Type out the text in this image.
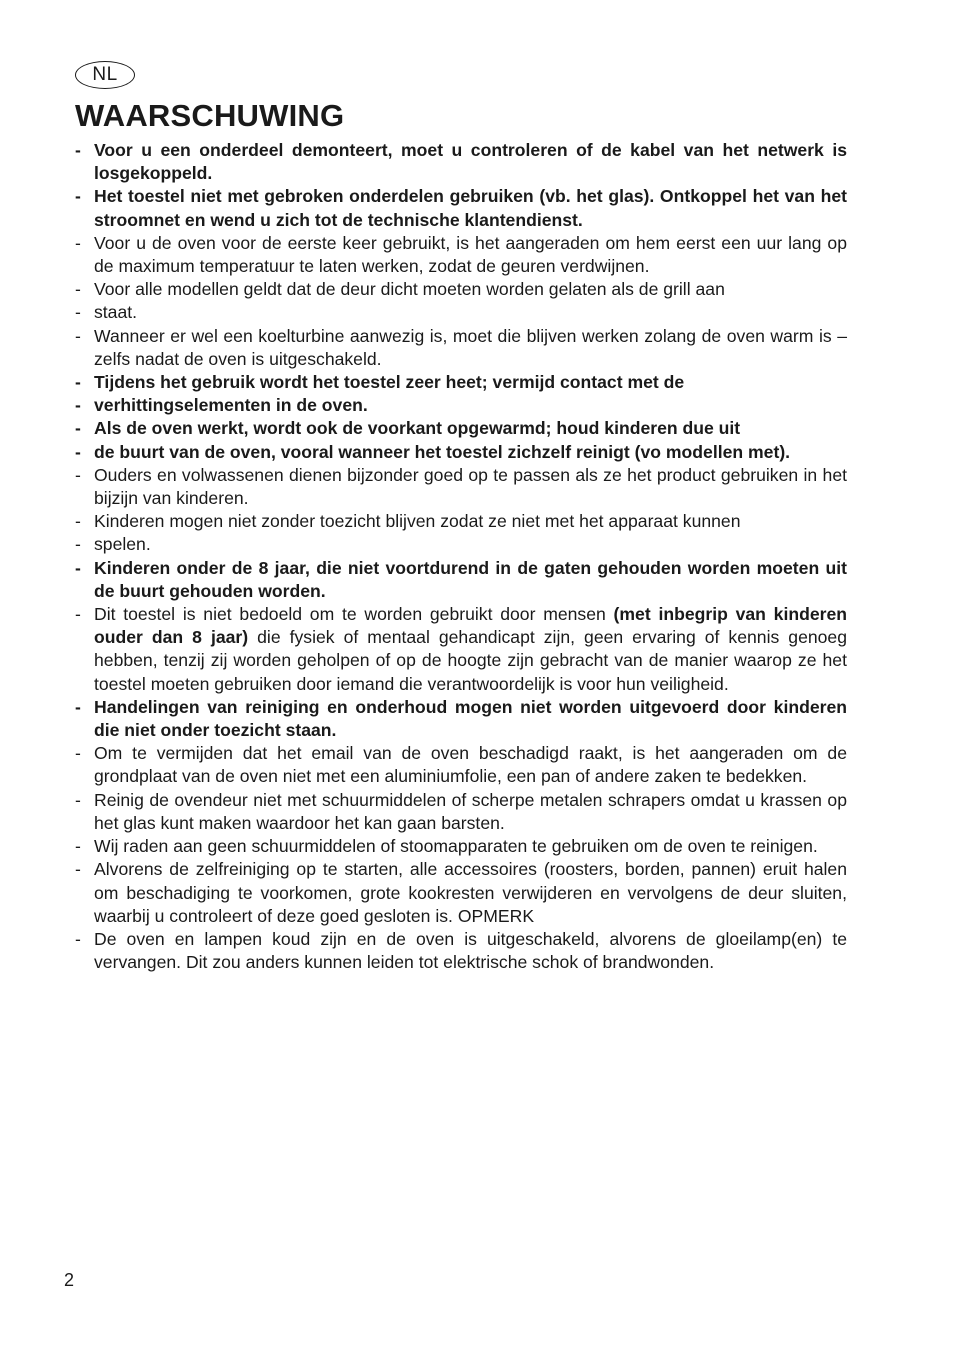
NL
WAARSCHUWING
- Voor u een onderdeel demonteert, moet u controleren of de kabel van het netwerk is losgekoppeld.
- Het toestel niet met gebroken onderdelen gebruiken (vb. het glas). Ontkoppel het van het stroomnet en wend u zich tot de technische klantendienst.
- Voor u de oven voor de eerste keer gebruikt, is het aangeraden om hem eerst een uur lang op de maximum temperatuur te laten werken, zodat de geuren verdwijnen.
- Voor alle modellen geldt dat de deur dicht moeten worden gelaten als de grill aan
- staat.
- Wanneer er wel een koelturbine aanwezig is, moet die blijven werken zolang de oven warm is – zelfs nadat de oven is uitgeschakeld.
- Tijdens het gebruik wordt het toestel zeer heet; vermijd contact met de
- verhittingselementen in de oven.
- Als de oven werkt, wordt ook de voorkant opgewarmd; houd kinderen due uit
- de buurt van de oven, vooral wanneer het toestel zichzelf reinigt (vo modellen met).
- Ouders en volwassenen dienen bijzonder goed op te passen als ze het product gebruiken in het bijzijn van kinderen.
- Kinderen mogen niet zonder toezicht blijven zodat ze niet met het apparaat kunnen
- spelen.
- Kinderen onder de 8 jaar, die niet voortdurend in de gaten gehouden worden moeten uit de buurt gehouden worden.
- Dit toestel is niet bedoeld om te worden gebruikt door mensen (met inbegrip van kinderen ouder dan 8 jaar) die fysiek of mentaal gehandicapt zijn, geen ervaring of kennis genoeg hebben, tenzij zij worden geholpen of op de hoogte zijn gebracht van de manier waarop ze het toestel moeten gebruiken door iemand die verantwoordelijk is voor hun veiligheid.
- Handelingen van reiniging en onderhoud mogen niet worden uitgevoerd door kinderen die niet onder toezicht staan.
- Om te vermijden dat het email van de oven beschadigd raakt, is het aangeraden om de grondplaat van de oven niet met een aluminiumfolie, een pan of andere zaken te bedekken.
- Reinig de ovendeur niet met schuurmiddelen of scherpe metalen schrapers omdat u krassen op het glas kunt maken waardoor het kan gaan barsten.
- Wij raden aan geen schuurmiddelen of stoomapparaten te gebruiken om de oven te reinigen.
- Alvorens de zelfreiniging op te starten, alle accessoires (roosters, borden, pannen) eruit halen om beschadiging te voorkomen, grote kookresten verwijderen en vervolgens de deur sluiten, waarbij u controleert of deze goed gesloten is. OPMERK
- De oven en lampen koud zijn en de oven is uitgeschakeld, alvorens de gloeilamp(en) te vervangen. Dit zou anders kunnen leiden tot elektrische schok of brandwonden.
2
